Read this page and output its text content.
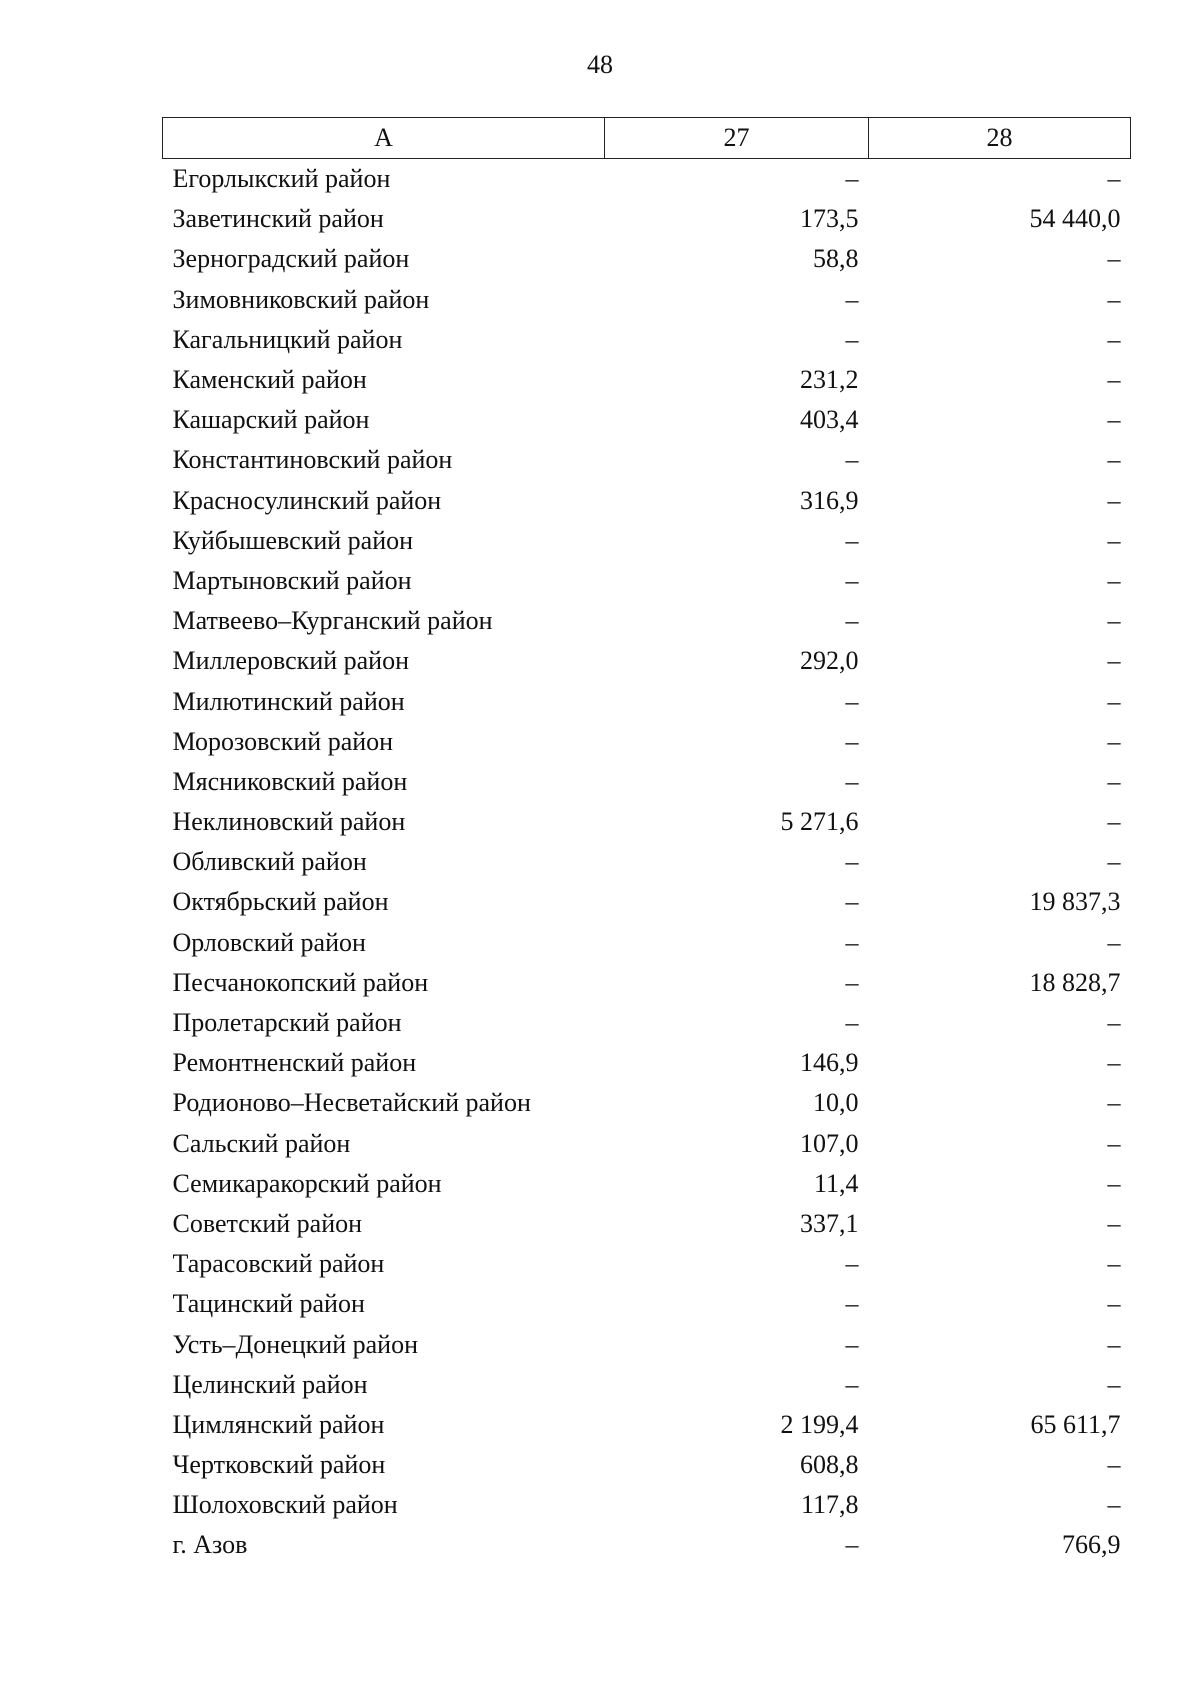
48
А	27	28
Егорлыкский район	–	–
Заветинский район	173,5	54 440,0
Зерноградский район	58,8	–
Зимовниковский район	–	–
Кагальницкий район	–	–
Каменский район	231,2	–
Кашарский район	403,4	–
Константиновский район	–	–
Красносулинский район	316,9	–
Куйбышевский район	–	–
Мартыновский район	–	–
Матвеево–Курганский район	–	–
Миллеровский район	292,0	–
Милютинский район	–	–
Морозовский район	–	–
Мясниковский район	–	–
Неклиновский район	5 271,6	–
Обливский район	–	–
Октябрьский район	–	19 837,3
Орловский район	–	–
Песчанокопский район	–	18 828,7
Пролетарский район	–	–
Ремонтненский район	146,9	–
Родионово–Несветайский район	10,0	–
Сальский район	107,0	–
Семикаракорский район	11,4	–
Советский район	337,1	–
Тарасовский район	–	–
Тацинский район	–	–
Усть–Донецкий район	–	–
Целинский район	–	–
Цимлянский район	2 199,4	65 611,7
Чертковский район	608,8	–
Шолоховский район	117,8	–
г. Азов	–	766,9
